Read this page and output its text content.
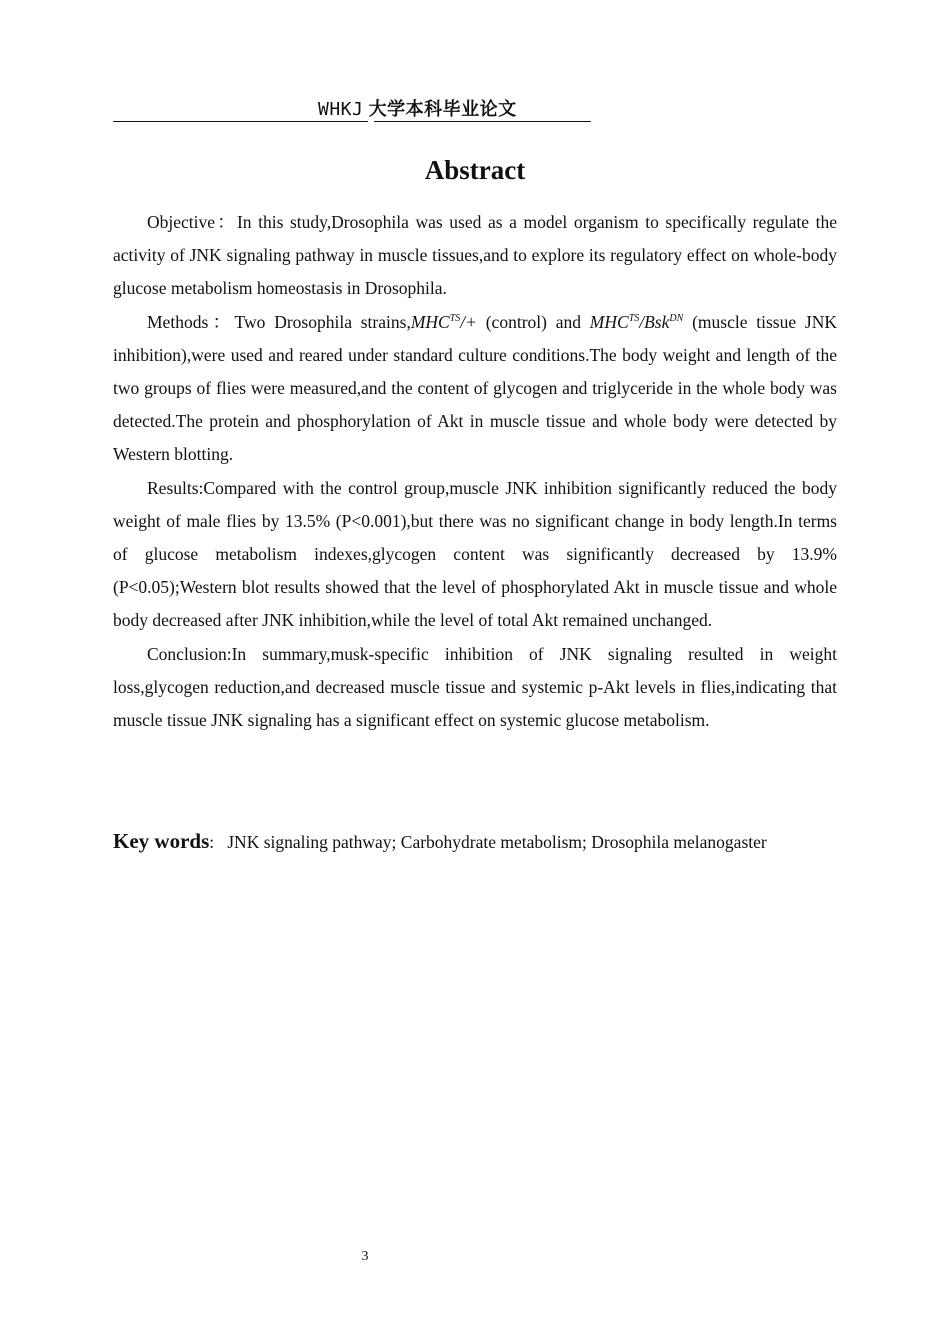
WHKJ 大学本科毕业论文
Abstract

Objective：In this study,Drosophila was used as a model organism to specifically regulate the activity of JNK signaling pathway in muscle tissues,and to explore its regulatory effect on whole-body glucose metabolism homeostasis in Drosophila.

Methods：Two Drosophila $strains,MHC^{TS}/+$ (control) and $MHC^{TS}/Bsk^{DN}$ (muscle tissue JNK inhibition),were used and reared under standard culture conditions.The body weight and length of the two groups of flies were measured,and the content of glycogen and triglyceride in the whole body was detected.The protein and phosphorylation of Akt in muscle tissue and whole body were detected by Western blotting.

Results:Compared with the control group,muscle JNK inhibition significantly reduced the body weight of male flies by 13.5% (P<0.001),but there was no significant change in body length.In terms of glucose metabolism indexes,glycogen content was significantly decreased by 13.9% (P<0.05);Western blot results showed that the level of phosphorylated Akt in muscle tissue and whole body decreased after JNK inhibition,while the level of total Akt remained unchanged.

Conclusion:In summary,musk-specific inhibition of JNK signaling resulted in weight loss,glycogen reduction,and decreased muscle tissue and systemic p-Akt levels in flies,indicating that muscle tissue JNK signaling has a significant effect on systemic glucose metabolism.

Key words: JNK signaling pathway; Carbohydrate metabolism; Drosophila melanogaster
3
